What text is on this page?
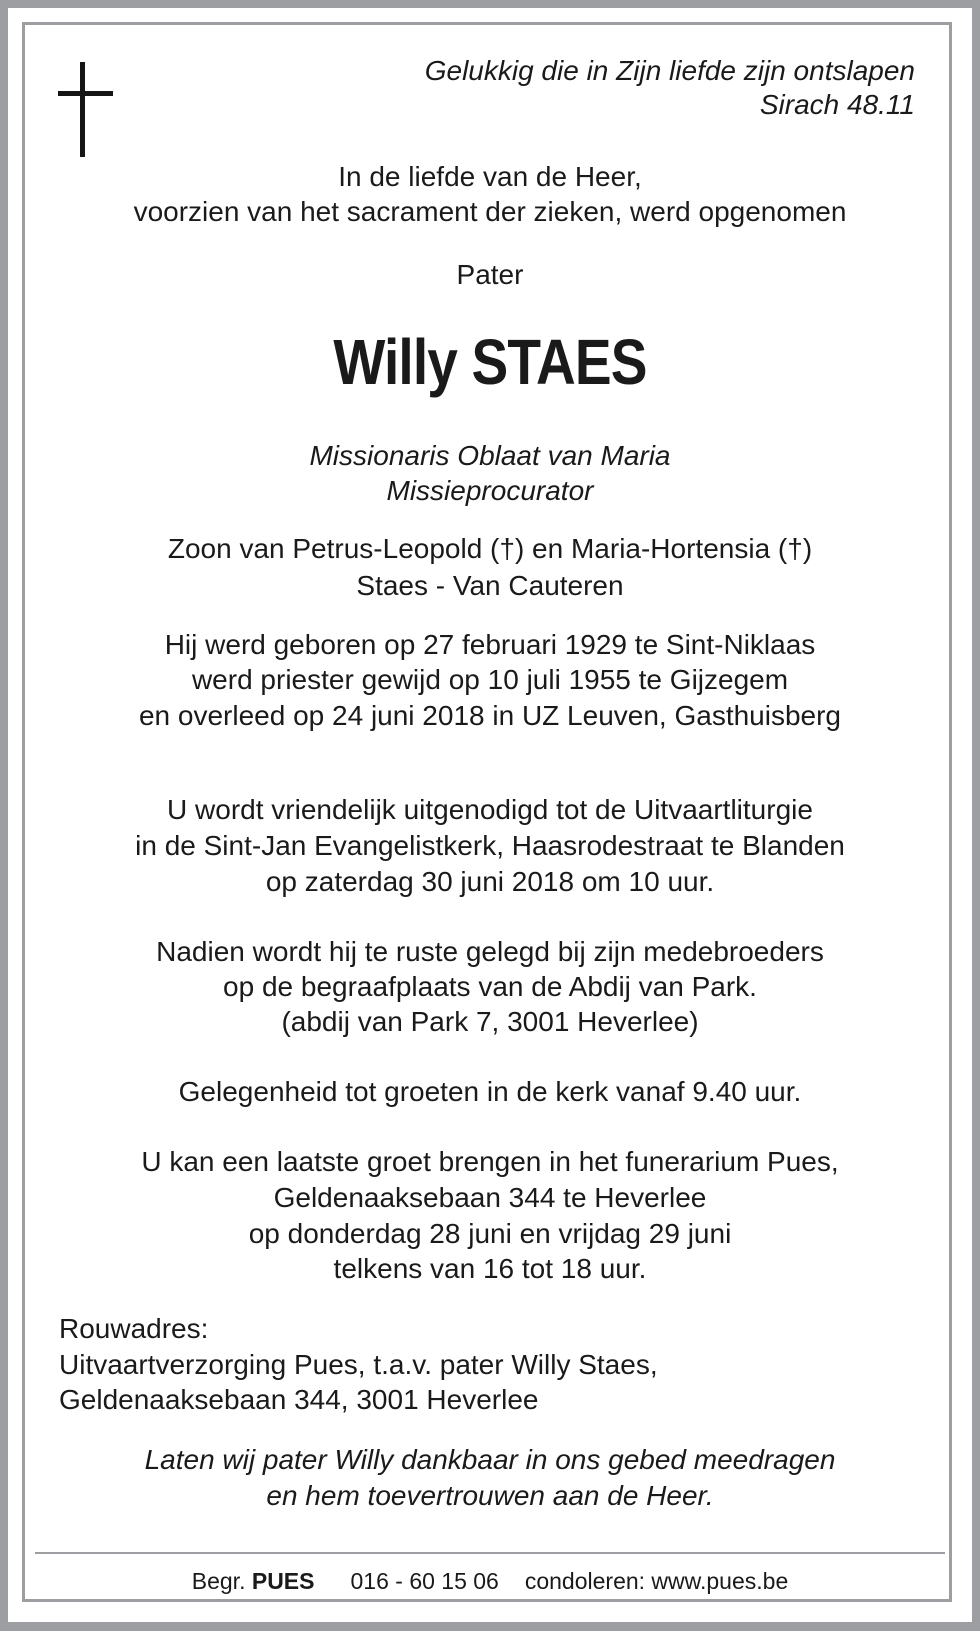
Gelukkig die in Zijn liefde zijn ontslapen
Sirach 48.11
In de liefde van de Heer,
voorzien van het sacrament der zieken, werd opgenomen
Pater
Willy STAES
Missionaris Oblaat van Maria
Missieprocurator
Zoon van Petrus-Leopold (†) en Maria-Hortensia (†)
Staes - Van Cauteren
Hij werd geboren op 27 februari 1929 te Sint-Niklaas
werd priester gewijd op 10 juli 1955 te Gijzegem
en overleed op 24 juni 2018 in UZ Leuven, Gasthuisberg
U wordt vriendelijk uitgenodigd tot de Uitvaartliturgie
in de Sint-Jan Evangelistkerk, Haasrodestraat te Blanden
op zaterdag 30 juni 2018 om 10 uur.
Nadien wordt hij te ruste gelegd bij zijn medebroeders
op de begraafplaats van de Abdij van Park.
(abdij van Park 7, 3001 Heverlee)
Gelegenheid tot groeten in de kerk vanaf 9.40 uur.
U kan een laatste groet brengen in het funerarium Pues,
Geldenaaksebaan 344 te Heverlee
op donderdag 28 juni en vrijdag 29 juni
telkens van 16 tot 18 uur.
Rouwadres:
Uitvaartverzorging Pues, t.a.v. pater Willy Staes,
Geldenaaksebaan 344, 3001 Heverlee
Laten wij pater Willy dankbaar in ons gebed meedragen
en hem toevertrouwen aan de Heer.
Begr. PUES 016 - 60 15 06 condoleren: www.pues.be
